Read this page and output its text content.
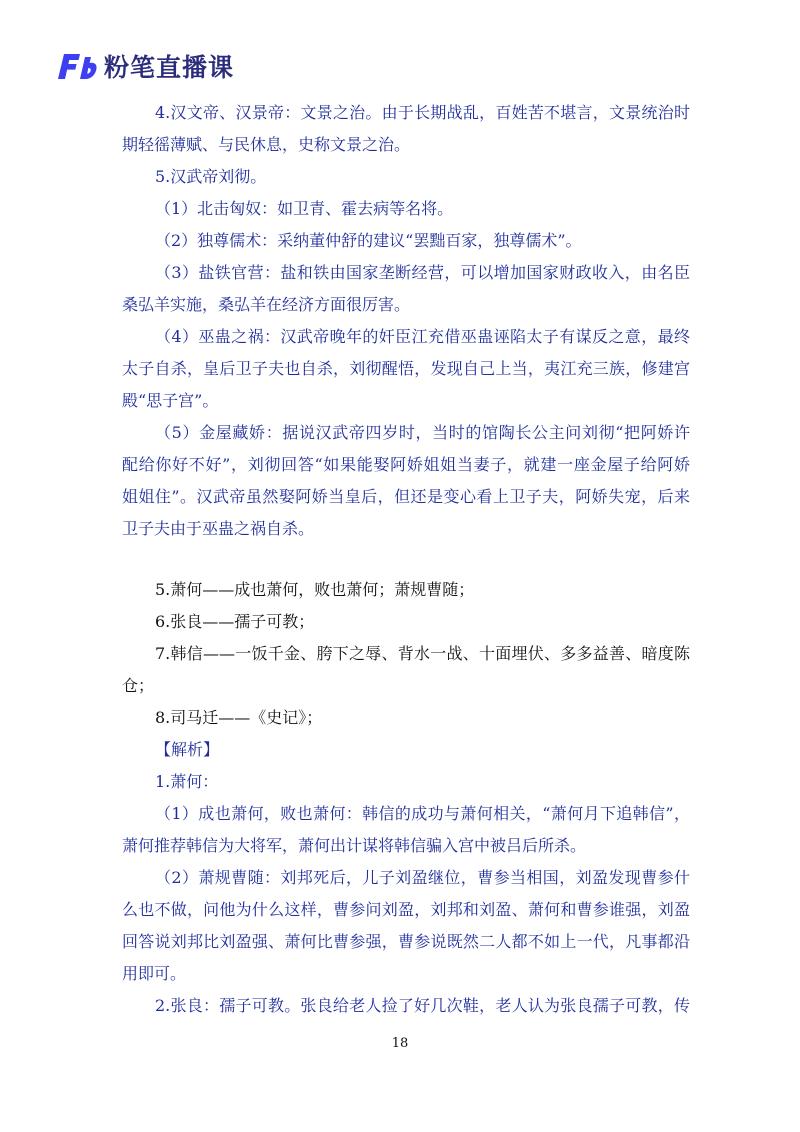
粉笔直播课
4.汉文帝、汉景帝：文景之治。由于长期战乱，百姓苦不堪言，文景统治时
期轻徭薄赋、与民休息，史称文景之治。
5.汉武帝刘彻。
（1）北击匈奴：如卫青、霍去病等名将。
（2）独尊儒术：采纳董仲舒的建议“罢黜百家，独尊儒术”。
（3）盐铁官营：盐和铁由国家垄断经营，可以增加国家财政收入，由名臣
桑弘羊实施，桑弘羊在经济方面很厉害。
（4）巫蛊之祸：汉武帝晚年的奸臣江充借巫蛊诬陷太子有谋反之意，最终
太子自杀，皇后卫子夫也自杀，刘彻醒悟，发现自己上当，夷江充三族，修建宫
殿“思子宫”。
（5）金屋藏娇：据说汉武帝四岁时，当时的馆陶长公主问刘彻“把阿娇许
配给你好不好”，刘彻回答“如果能娶阿娇姐姐当妻子，就建一座金屋子给阿娇
姐姐住”。汉武帝虽然娶阿娇当皇后，但还是变心看上卫子夫，阿娇失宠，后来
卫子夫由于巫蛊之祸自杀。
5.萧何——成也萧何，败也萧何；萧规曹随；
6.张良——孺子可教；
7.韩信——一饭千金、胯下之辱、背水一战、十面埋伏、多多益善、暗度陈
仓；
8.司马迁——《史记》；
【解析】
1.萧何：
（1）成也萧何，败也萧何：韩信的成功与萧何相关，“萧何月下追韩信”，
萧何推荐韩信为大将军，萧何出计谋将韩信骗入宫中被吕后所杀。
（2）萧规曹随：刘邦死后，儿子刘盈继位，曹参当相国，刘盈发现曹参什
么也不做，问他为什么这样，曹参问刘盈，刘邦和刘盈、萧何和曹参谁强，刘盈
回答说刘邦比刘盈强、萧何比曹参强，曹参说既然二人都不如上一代，凡事都沿
用即可。
2.张良：孺子可教。张良给老人捡了好几次鞋，老人认为张良孺子可教，传
18
